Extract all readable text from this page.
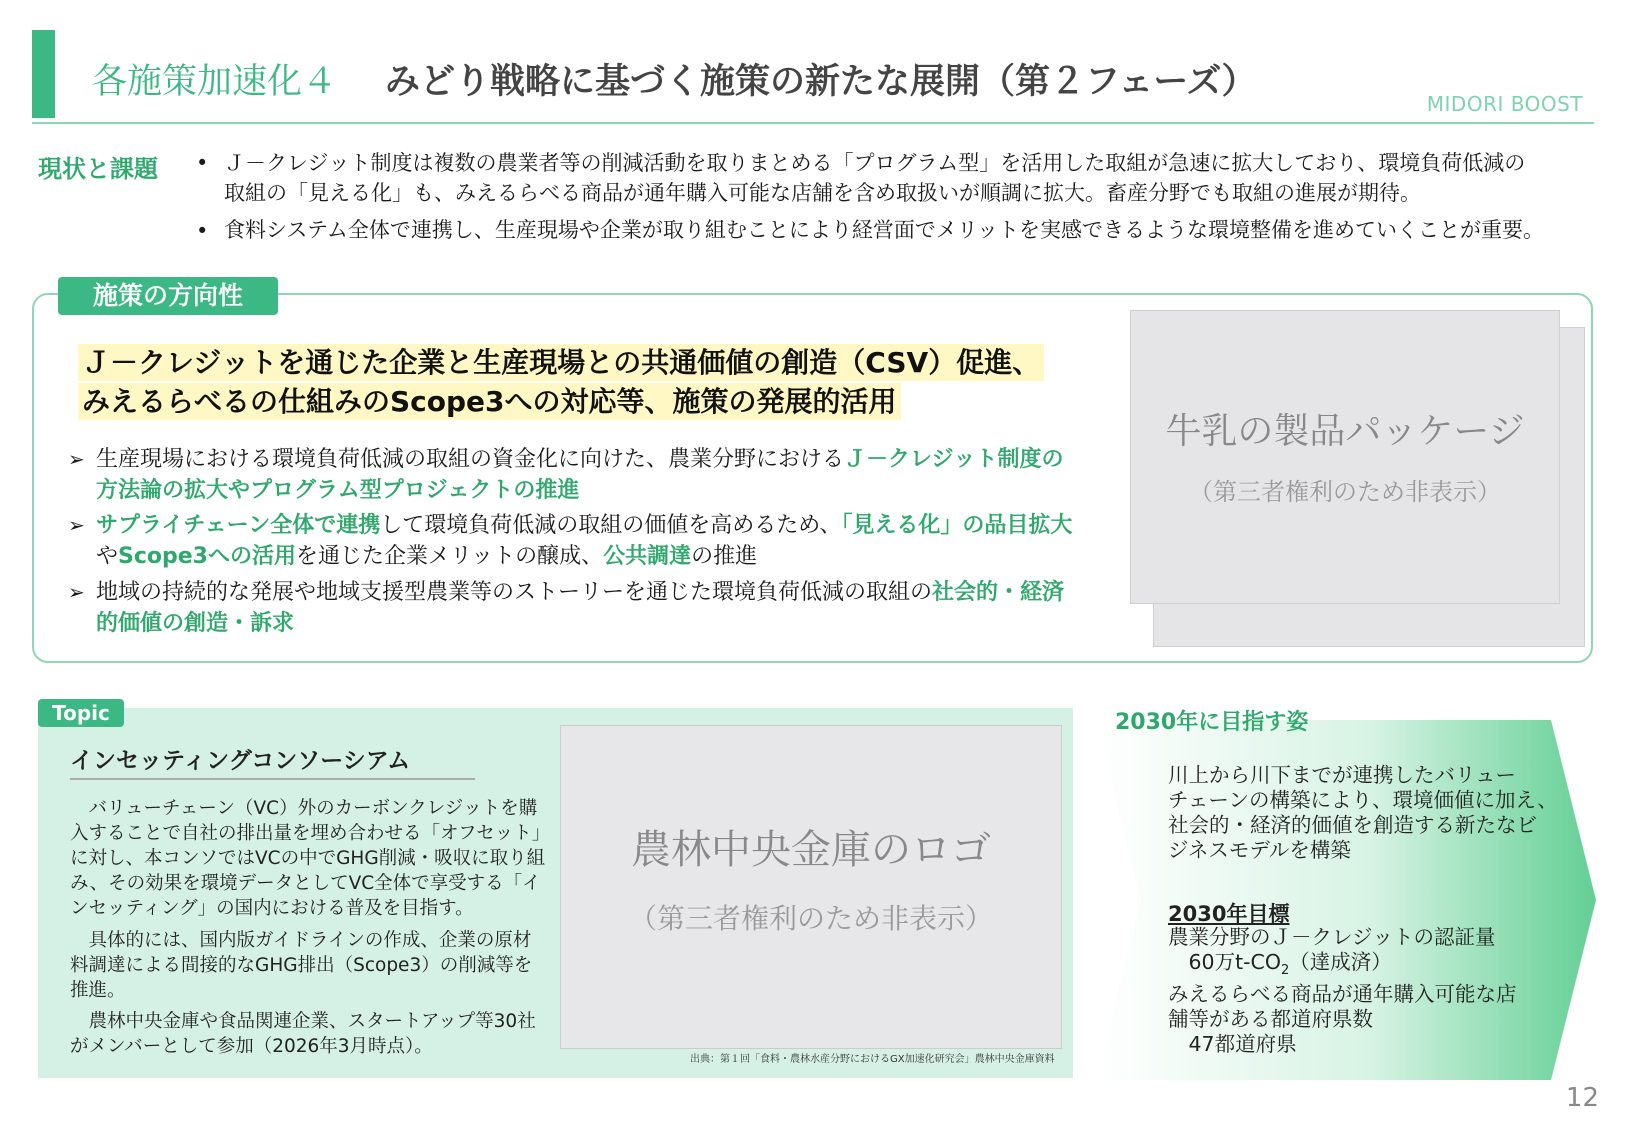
各施策加速化４ みどり戦略に基づく施策の新たな展開（第２フェーズ）
MIDORI BOOST
現状と課題 • Ｊ－クレジット制度は複数の農業者等の削減活動を取りまとめる「プログラム型」を活用した取組が急速に拡大しており、環境負荷低減の
取組の「見える化」も、みえるらべる商品が通年購入可能な店舗を含め取扱いが順調に拡大。畜産分野でも取組の進展が期待。
• 食料システム全体で連携し、生産現場や企業が取り組むことにより経営面でメリットを実感できるような環境整備を進めていくことが重要。
施策の方向性
Ｊ－クレジットを通じた企業と生産現場との共通価値の創造（CSV）促進、
みえるらべるの仕組みのScope3への対応等、施策の発展的活用
➢ 生産現場における環境負荷低減の取組の資金化に向けた、農業分野におけるＪ－クレジット制度の
方法論の拡大やプログラム型プロジェクトの推進
➢ サプライチェーン全体で連携して環境負荷低減の取組の価値を高めるため、「見える化」の品目拡大
やScope3への活用を通じた企業メリットの醸成、公共調達の推進
➢ 地域の持続的な発展や地域支援型農業等のストーリーを通じた環境負荷低減の取組の社会的・経済
的価値の創造・訴求
牛乳の製品パッケージ
（第三者権利のため非表示）
Topic
インセッティングコンソーシアム
　バリューチェーン（VC）外のカーボンクレジットを購入することで自社の排出量を埋め合わせる「オフセット」に対し、本コンソではVCの中でGHG削減・吸収に取り組み、その効果を環境データとしてVC全体で享受する「インセッティング」の国内における普及を目指す。
　具体的には、国内版ガイドラインの作成、企業の原材料調達による間接的なGHG排出（Scope3）の削減等を推進。
　農林中央金庫や食品関連企業、スタートアップ等30社がメンバーとして参加（2026年3月時点）。
農林中央金庫のロゴ
（第三者権利のため非表示）
出典：第１回「食料・農林水産分野におけるGX加速化研究会」農林中央金庫資料
2030年に目指す姿
川上から川下までが連携したバリュー
チェーンの構築により、環境価値に加え、
社会的・経済的価値を創造する新たなビ
ジネスモデルを構築
2030年目標
農業分野のＪ－クレジットの認証量
　60万$t-CO_2$（達成済）
みえるらべる商品が通年購入可能な店
舗等がある都道府県数
　47都道府県
12
